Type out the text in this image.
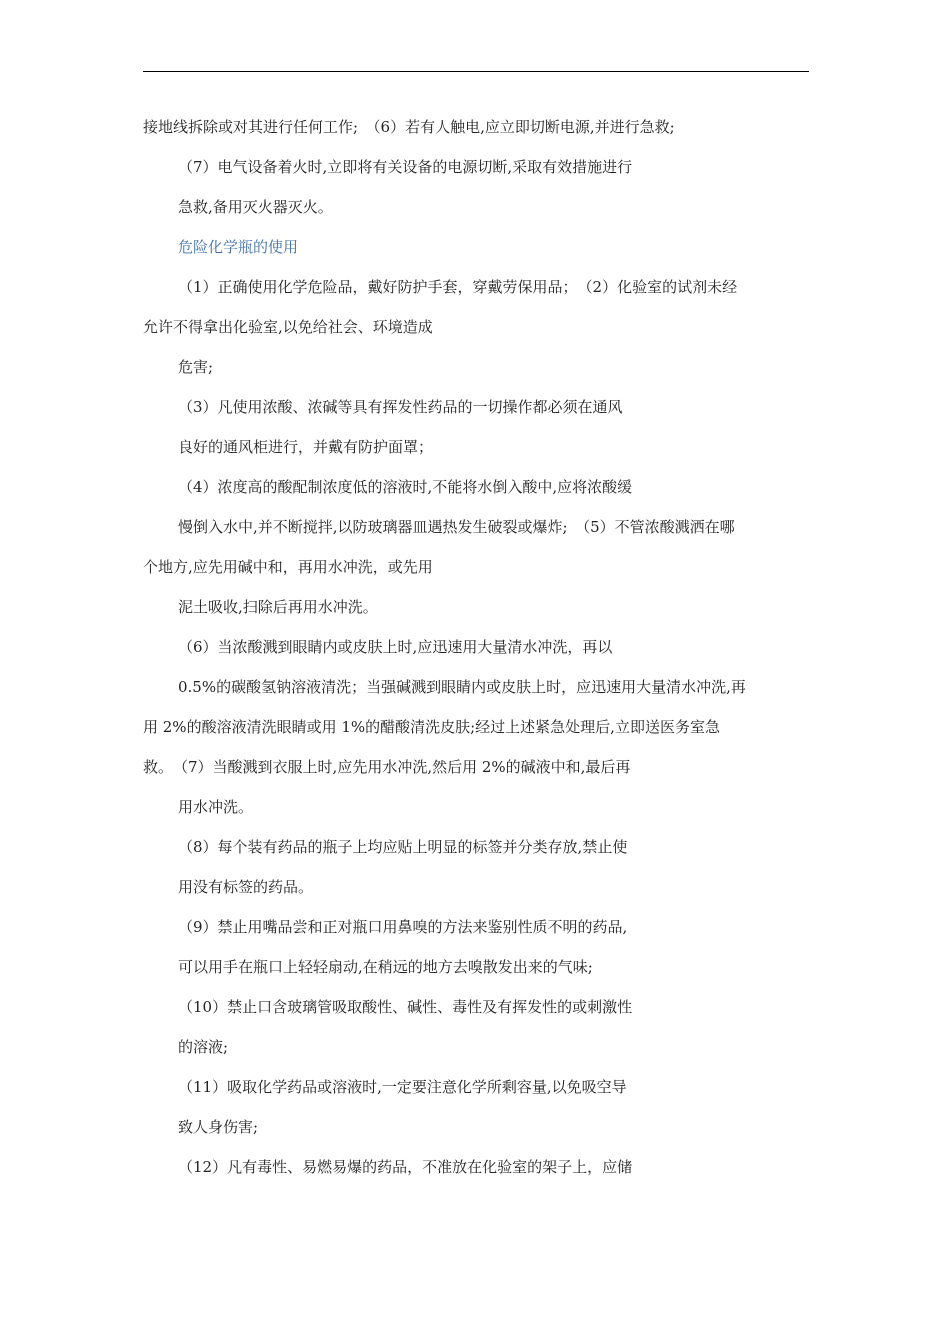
接地线拆除或对其进行任何工作;　（6）若有人触电,应立即切断电源,并进行急救;
（7）电气设备着火时,立即将有关设备的电源切断,采取有效措施进行
急救,备用灭火器灭火。
危险化学瓶的使用
（1）正确使用化学危险品，戴好防护手套，穿戴劳保用品；　（2）化验室的试剂未经
允许不得拿出化验室,以免给社会、环境造成
危害;
（3）凡使用浓酸、浓碱等具有挥发性药品的一切操作都必须在通风
良好的通风柜进行，并戴有防护面罩；
（4）浓度高的酸配制浓度低的溶液时,不能将水倒入酸中,应将浓酸缓
慢倒入水中,并不断搅拌,以防玻璃器皿遇热发生破裂或爆炸;　（5）不管浓酸溅洒在哪
个地方,应先用碱中和，再用水冲洗，或先用
泥土吸收,扫除后再用水冲洗。
（6）当浓酸溅到眼睛内或皮肤上时,应迅速用大量清水冲洗，再以
0.5%的碳酸氢钠溶液清洗；当强碱溅到眼睛内或皮肤上时，应迅速用大量清水冲洗,再
用 2%的酸溶液清洗眼睛或用 1%的醋酸清洗皮肤;经过上述紧急处理后,立即送医务室急
救。　（7）当酸溅到衣服上时,应先用水冲洗,然后用 2%的碱液中和,最后再
用水冲洗。
（8）每个装有药品的瓶子上均应贴上明显的标签并分类存放,禁止使
用没有标签的药品。
（9）禁止用嘴品尝和正对瓶口用鼻嗅的方法来鉴别性质不明的药品,
可以用手在瓶口上轻轻扇动,在稍远的地方去嗅散发出来的气味;
（10）禁止口含玻璃管吸取酸性、碱性、毒性及有挥发性的或刺激性
的溶液;
（11）吸取化学药品或溶液时,一定要注意化学所剩容量,以免吸空导
致人身伤害;
（12）凡有毒性、易燃易爆的药品，不准放在化验室的架子上，应储
